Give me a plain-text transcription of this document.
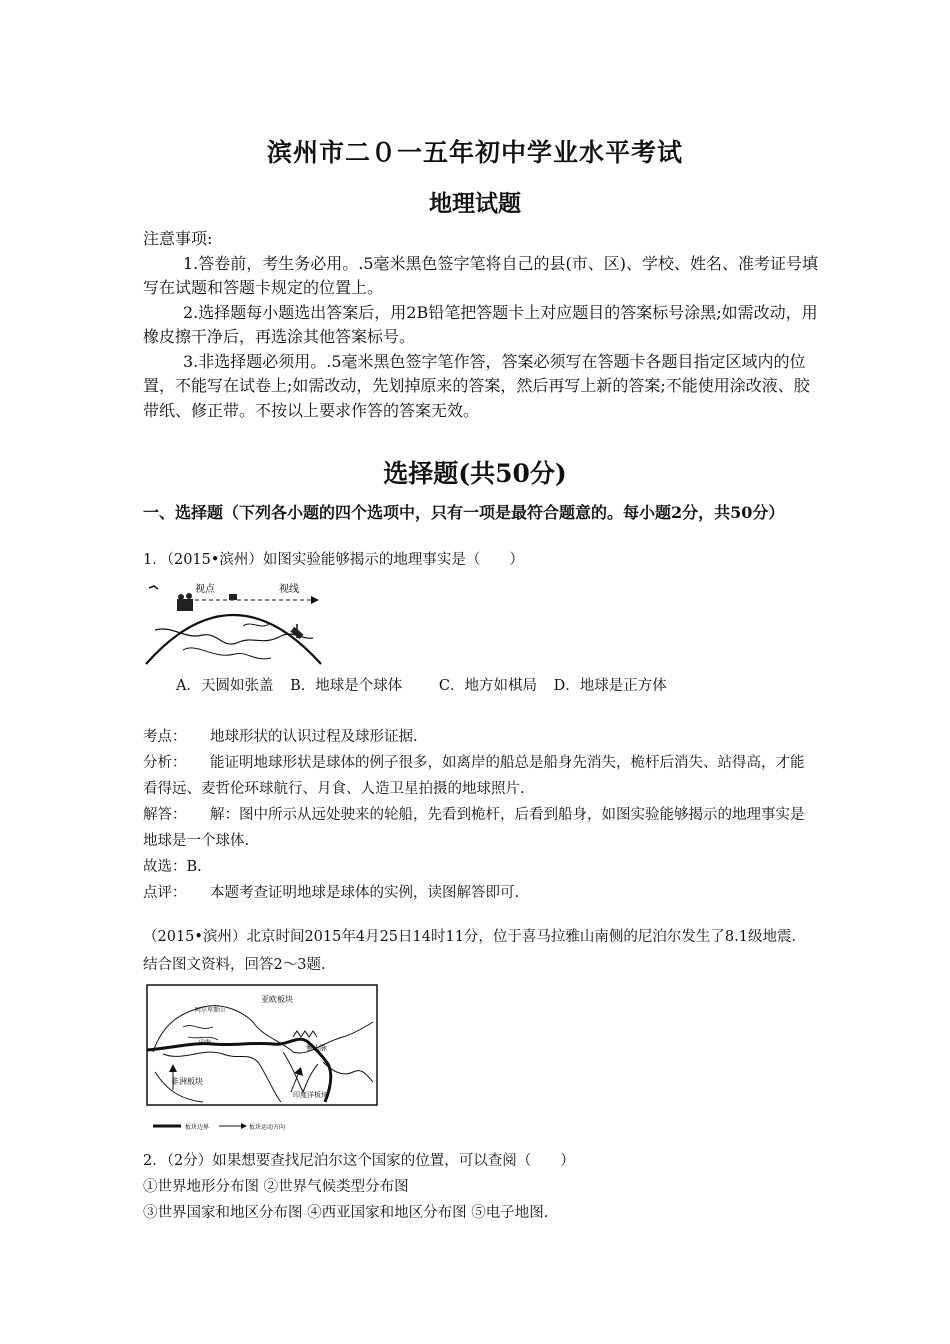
滨州市二０一五年初中学业水平考试
地理试题

注意事项:

1.答卷前，考生务必用。.5毫米黑色签字笔将自己的县(市、区)、学校、姓名、准考证号填写在试题和答题卡规定的位置上。

2.选择题每小题选出答案后，用2B铅笔把答题卡上对应题目的答案标号涂黑;如需改动，用橡皮擦干净后，再选涂其他答案标号。

3.非选择题必须用。.5毫米黑色签字笔作答，答案必须写在答题卡各题目指定区域内的位置，不能写在试卷上;如需改动，先划掉原来的答案，然后再写上新的答案;不能使用涂改液、胶带纸、修正带。不按以上要求作答的答案无效。

选择题(共50分)
一、选择题（下列各小题的四个选项中，只有一项是最符合题意的。每小题2分，共50分）
1．（2015•滨州）如图实验能够揭示的地理事实是（　　）
视点	视线
A．天圆如张盖 B．地球是个球体	C．地方如棋局 D．地球是正方体

考点： 地球形状的认识过程及球形证据.

分析： 能证明地球形状是球体的例子很多，如离岸的船总是船身先消失，桅杆后消失、站得高，才能看得远、麦哲伦环球航行、月食、人造卫星拍摄的地球照片.

解答： 解：图中所示从远处驶来的轮船，先看到桅杆，后看到船身，如图实验能够揭示的地理事实是地球是一个球体.

故选：B.

点评： 本题考查证明地球是球体的实例，读图解答即可.

（2015•滨州）北京时间2015年4月25日14时11分，位于喜马拉雅山南侧的尼泊尔发生了8.1级地震．结合图文资料，回答2～3题.
亚欧板块
非洲板块
印度洋板块
雅山脉
阿尔卑斯山
中海
板块边界	板块运动方向

2．（2分）如果想要查找尼泊尔这个国家的位置，可以查阅（　　）

①世界地形分布图 ②世界气候类型分布图

③世界国家和地区分布图 ④西亚国家和地区分布图 ⑤电子地图.
